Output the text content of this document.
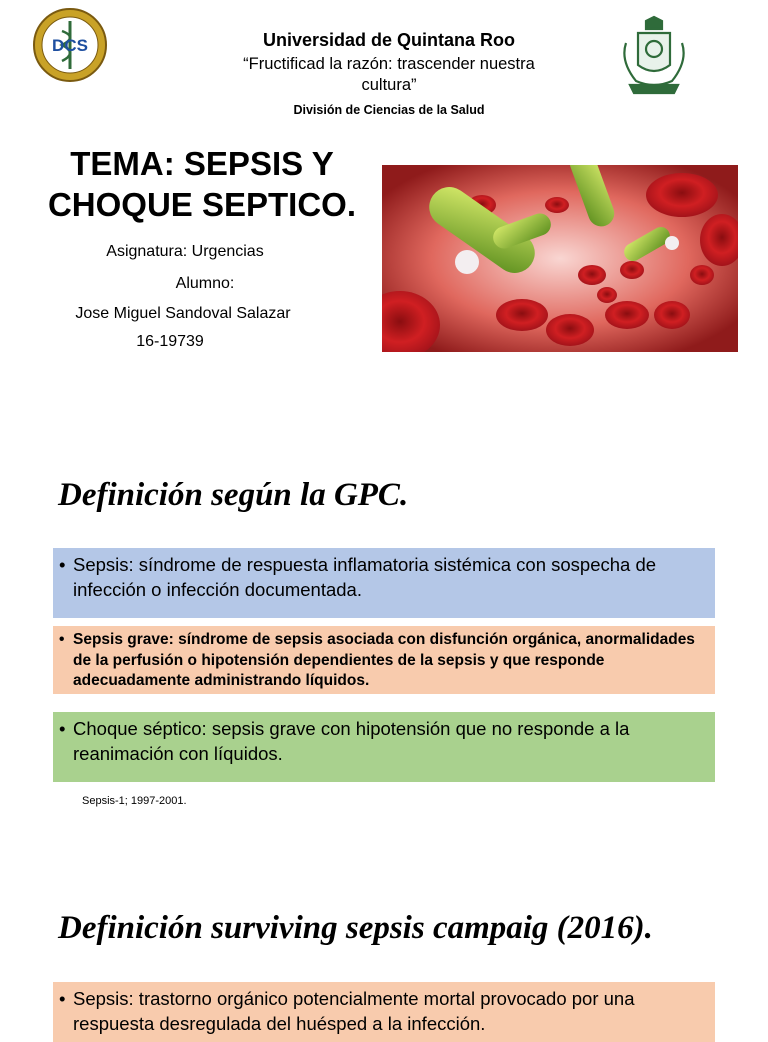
DCS	Universidad de Quintana Roo
“Fructificad la razón: trascender nuestra
cultura”
División de Ciencias de la Salud
TEMA: SEPSIS Y
CHOQUE SEPTICO.
Asignatura: Urgencias
Alumno:
Jose Miguel Sandoval Salazar
16-19739
Definición según la GPC.
• Sepsis: síndrome de respuesta inflamatoria sistémica con sospecha de infección o infección documentada.
• Sepsis grave: síndrome de sepsis asociada con disfunción orgánica, anormalidades de la perfusión o hipotensión dependientes de la sepsis y que responde adecuadamente administrando líquidos.
• Choque séptico: sepsis grave con hipotensión que no responde a la reanimación con líquidos.
Sepsis-1; 1997-2001.
Definición surviving sepsis campaig (2016).
• Sepsis: trastorno orgánico potencialmente mortal provocado por una respuesta desregulada del huésped a la infección.
